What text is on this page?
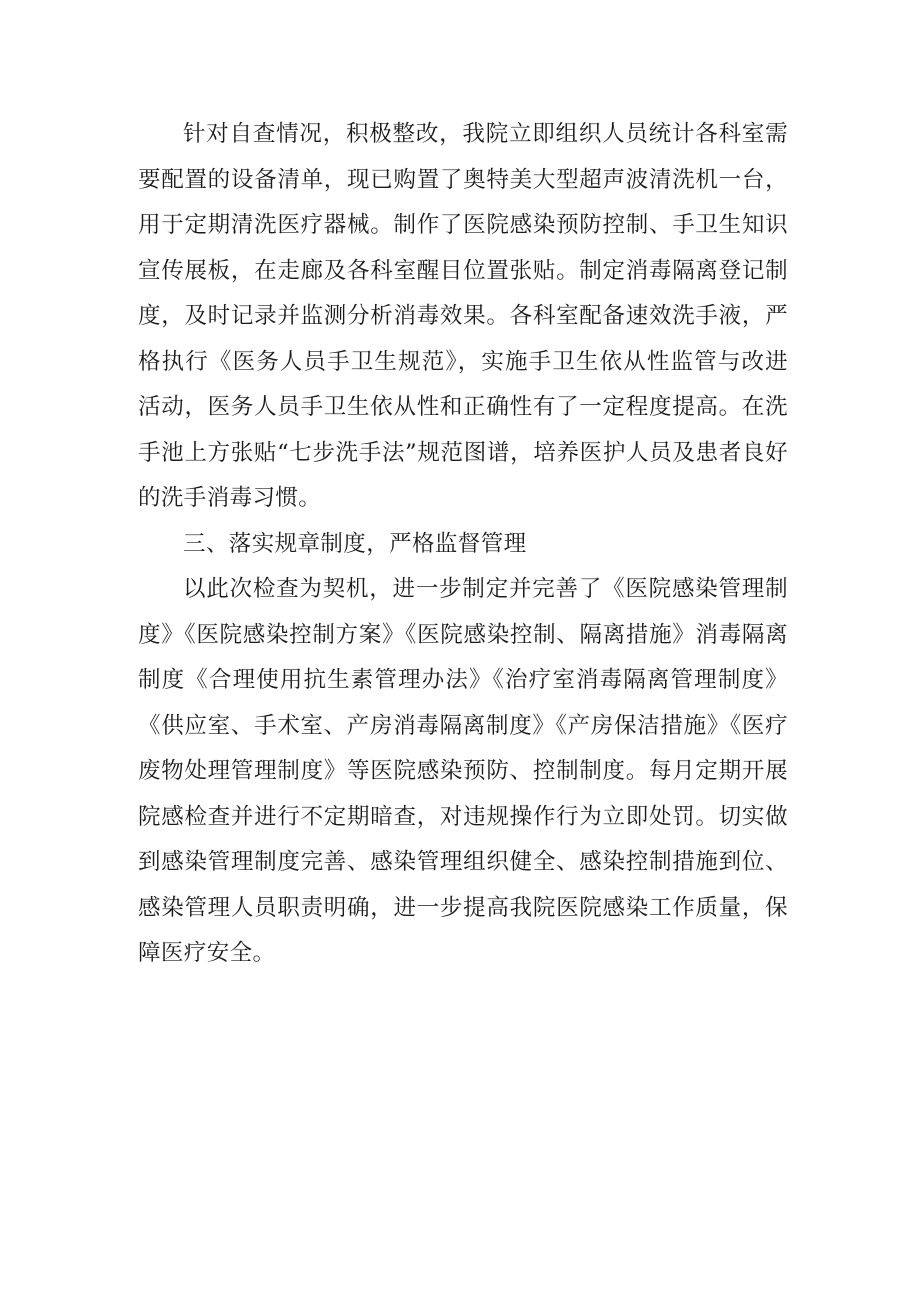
针对自查情况，积极整改，我院立即组织人员统计各科室需要配置的设备清单，现已购置了奥特美大型超声波清洗机一台，用于定期清洗医疗器械。制作了医院感染预防控制、手卫生知识宣传展板，在走廊及各科室醒目位置张贴。制定消毒隔离登记制度，及时记录并监测分析消毒效果。各科室配备速效洗手液，严格执行《医务人员手卫生规范》，实施手卫生依从性监管与改进活动，医务人员手卫生依从性和正确性有了一定程度提高。在洗手池上方张贴“七步洗手法”规范图谱，培养医护人员及患者良好的洗手消毒习惯。

三、落实规章制度，严格监督管理

以此次检查为契机，进一步制定并完善了《医院感染管理制度》《医院感染控制方案》《医院感染控制、隔离措施》消毒隔离制度《合理使用抗生素管理办法》《治疗室消毒隔离管理制度》《供应室、手术室、产房消毒隔离制度》《产房保洁措施》《医疗废物处理管理制度》等医院感染预防、控制制度。每月定期开展院感检查并进行不定期暗查，对违规操作行为立即处罚。切实做到感染管理制度完善、感染管理组织健全、感染控制措施到位、感染管理人员职责明确，进一步提高我院医院感染工作质量，保障医疗安全。
